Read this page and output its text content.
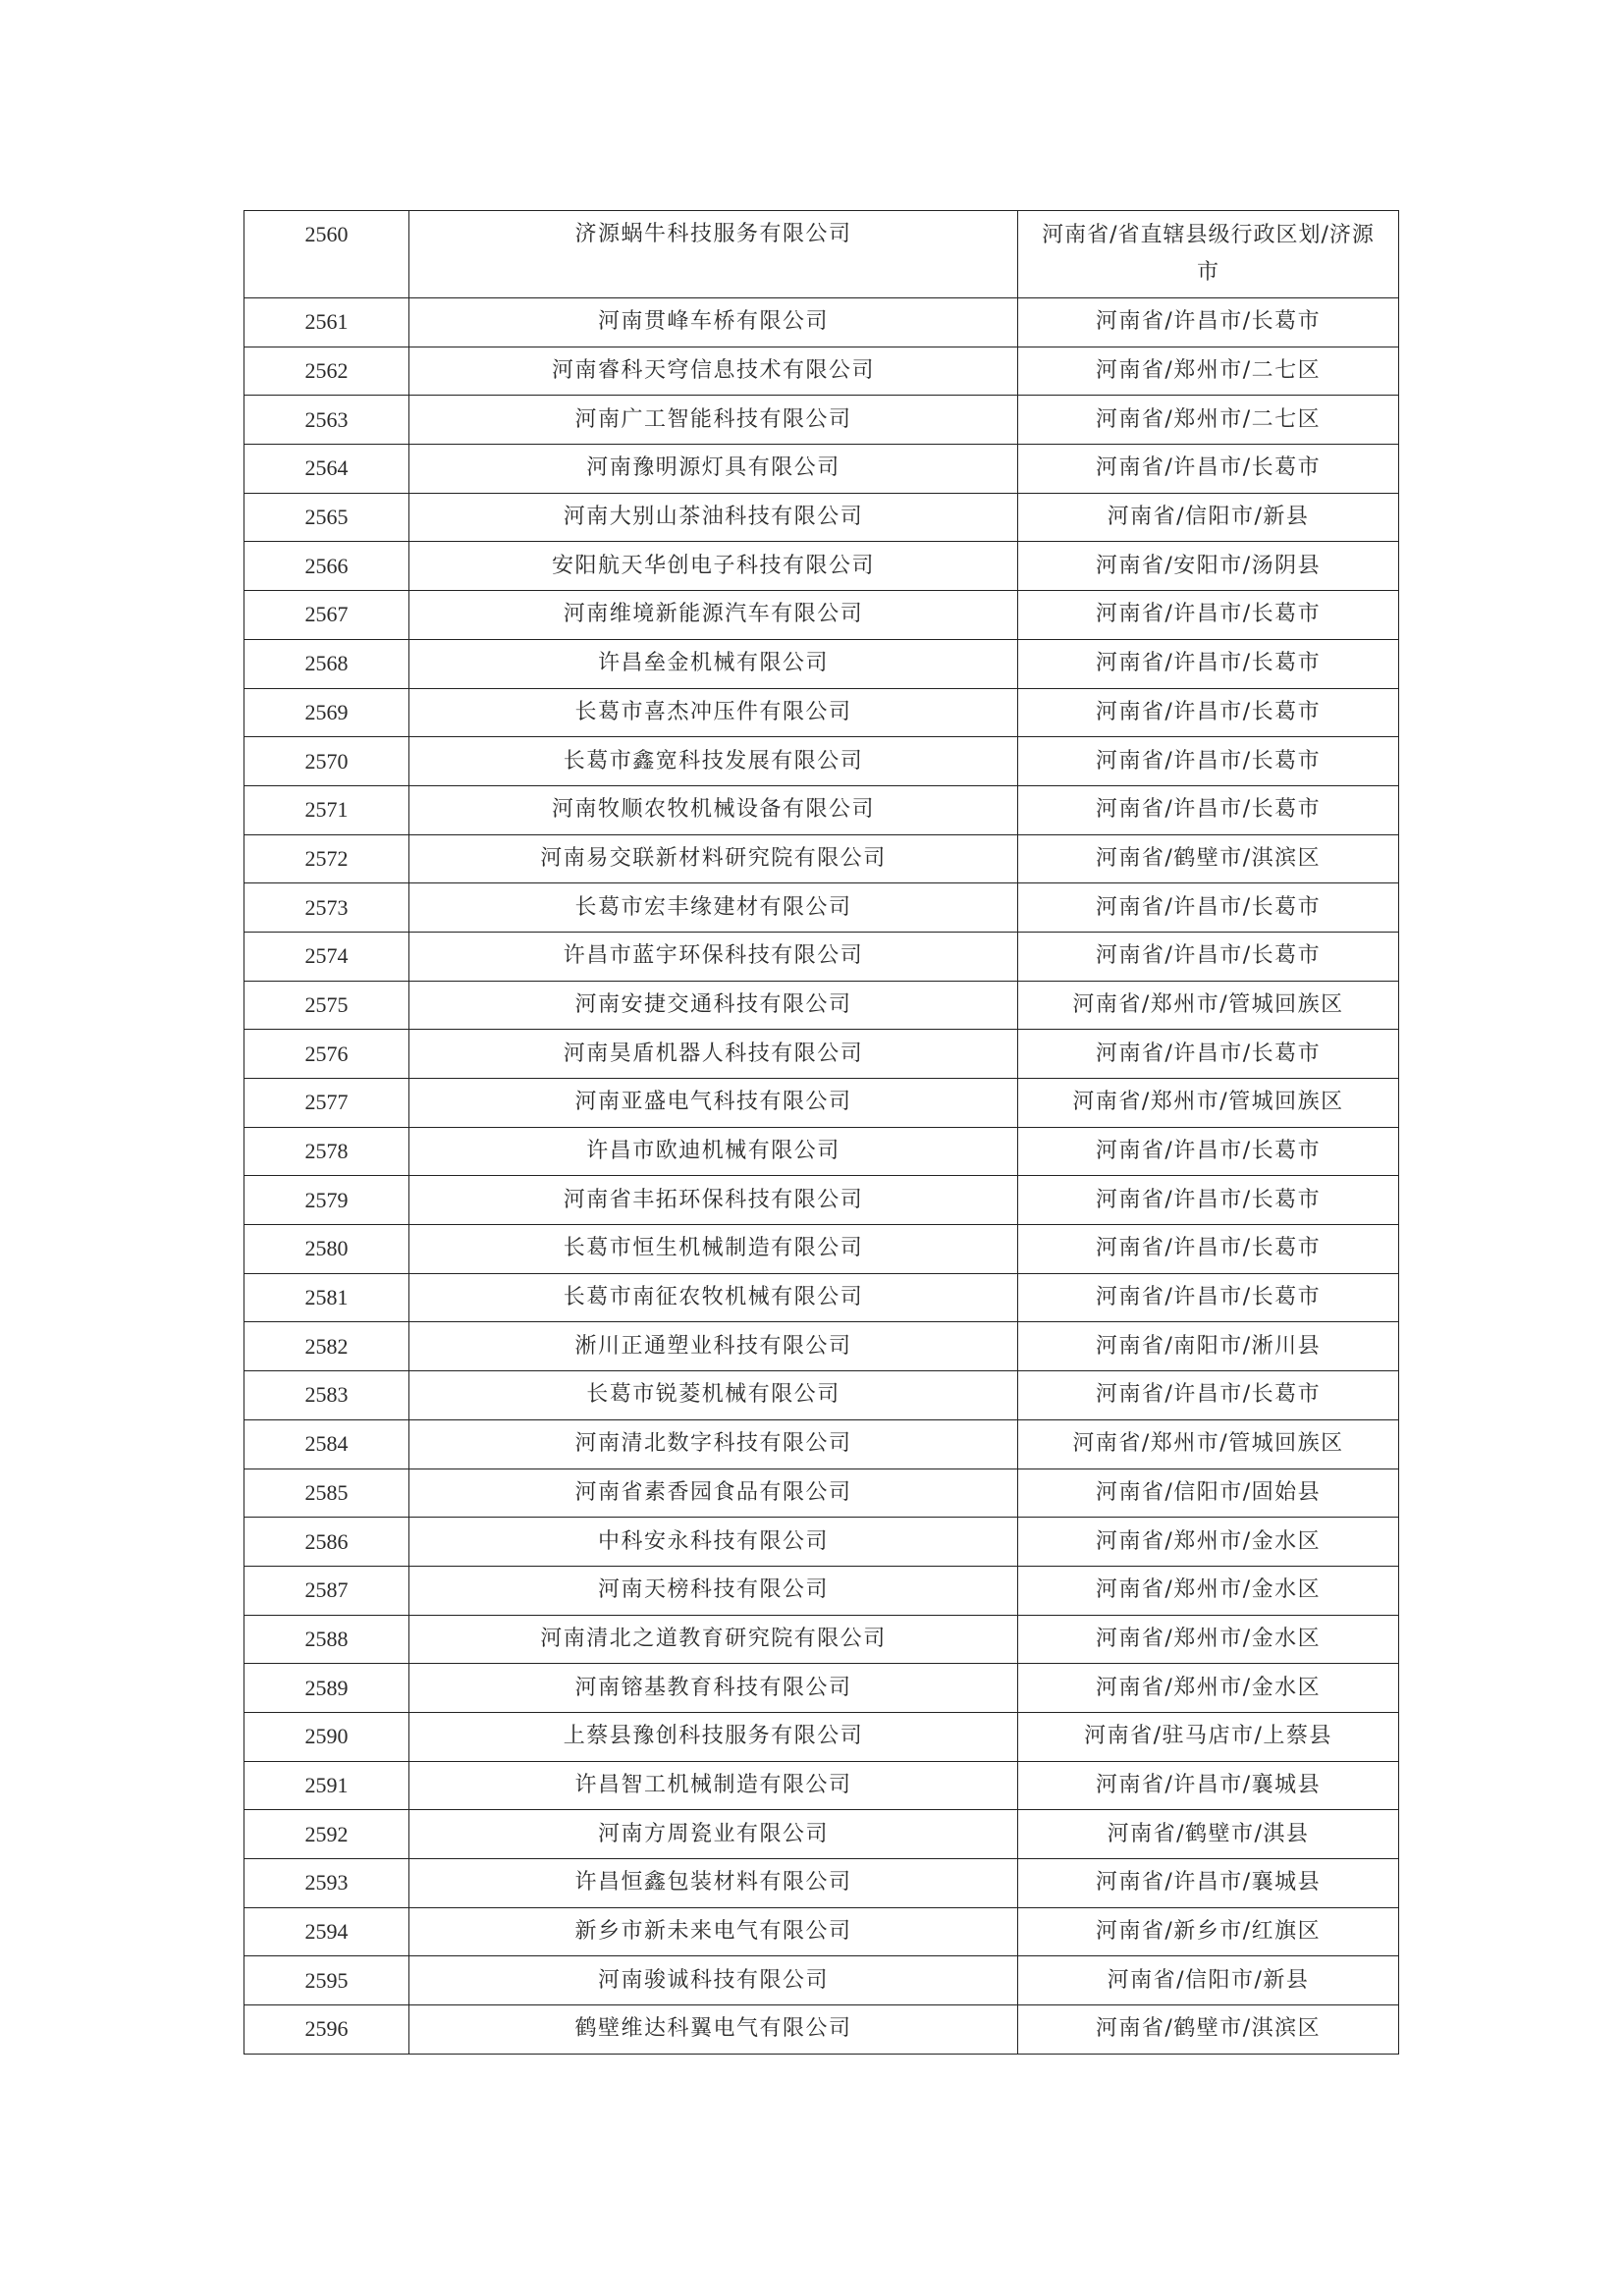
2560	济源蜗牛科技服务有限公司	河南省/省直辖县级行政区划/济源市
2561	河南贯峰车桥有限公司	河南省/许昌市/长葛市
2562	河南睿科天穹信息技术有限公司	河南省/郑州市/二七区
2563	河南广工智能科技有限公司	河南省/郑州市/二七区
2564	河南豫明源灯具有限公司	河南省/许昌市/长葛市
2565	河南大别山茶油科技有限公司	河南省/信阳市/新县
2566	安阳航天华创电子科技有限公司	河南省/安阳市/汤阴县
2567	河南维境新能源汽车有限公司	河南省/许昌市/长葛市
2568	许昌垒金机械有限公司	河南省/许昌市/长葛市
2569	长葛市喜杰冲压件有限公司	河南省/许昌市/长葛市
2570	长葛市鑫宽科技发展有限公司	河南省/许昌市/长葛市
2571	河南牧顺农牧机械设备有限公司	河南省/许昌市/长葛市
2572	河南易交联新材料研究院有限公司	河南省/鹤壁市/淇滨区
2573	长葛市宏丰缘建材有限公司	河南省/许昌市/长葛市
2574	许昌市蓝宇环保科技有限公司	河南省/许昌市/长葛市
2575	河南安捷交通科技有限公司	河南省/郑州市/管城回族区
2576	河南昊盾机器人科技有限公司	河南省/许昌市/长葛市
2577	河南亚盛电气科技有限公司	河南省/郑州市/管城回族区
2578	许昌市欧迪机械有限公司	河南省/许昌市/长葛市
2579	河南省丰拓环保科技有限公司	河南省/许昌市/长葛市
2580	长葛市恒生机械制造有限公司	河南省/许昌市/长葛市
2581	长葛市南征农牧机械有限公司	河南省/许昌市/长葛市
2582	淅川正通塑业科技有限公司	河南省/南阳市/淅川县
2583	长葛市锐菱机械有限公司	河南省/许昌市/长葛市
2584	河南清北数字科技有限公司	河南省/郑州市/管城回族区
2585	河南省素香园食品有限公司	河南省/信阳市/固始县
2586	中科安永科技有限公司	河南省/郑州市/金水区
2587	河南天榜科技有限公司	河南省/郑州市/金水区
2588	河南清北之道教育研究院有限公司	河南省/郑州市/金水区
2589	河南镕基教育科技有限公司	河南省/郑州市/金水区
2590	上蔡县豫创科技服务有限公司	河南省/驻马店市/上蔡县
2591	许昌智工机械制造有限公司	河南省/许昌市/襄城县
2592	河南方周瓷业有限公司	河南省/鹤壁市/淇县
2593	许昌恒鑫包装材料有限公司	河南省/许昌市/襄城县
2594	新乡市新未来电气有限公司	河南省/新乡市/红旗区
2595	河南骏诚科技有限公司	河南省/信阳市/新县
2596	鹤壁维达科翼电气有限公司	河南省/鹤壁市/淇滨区
